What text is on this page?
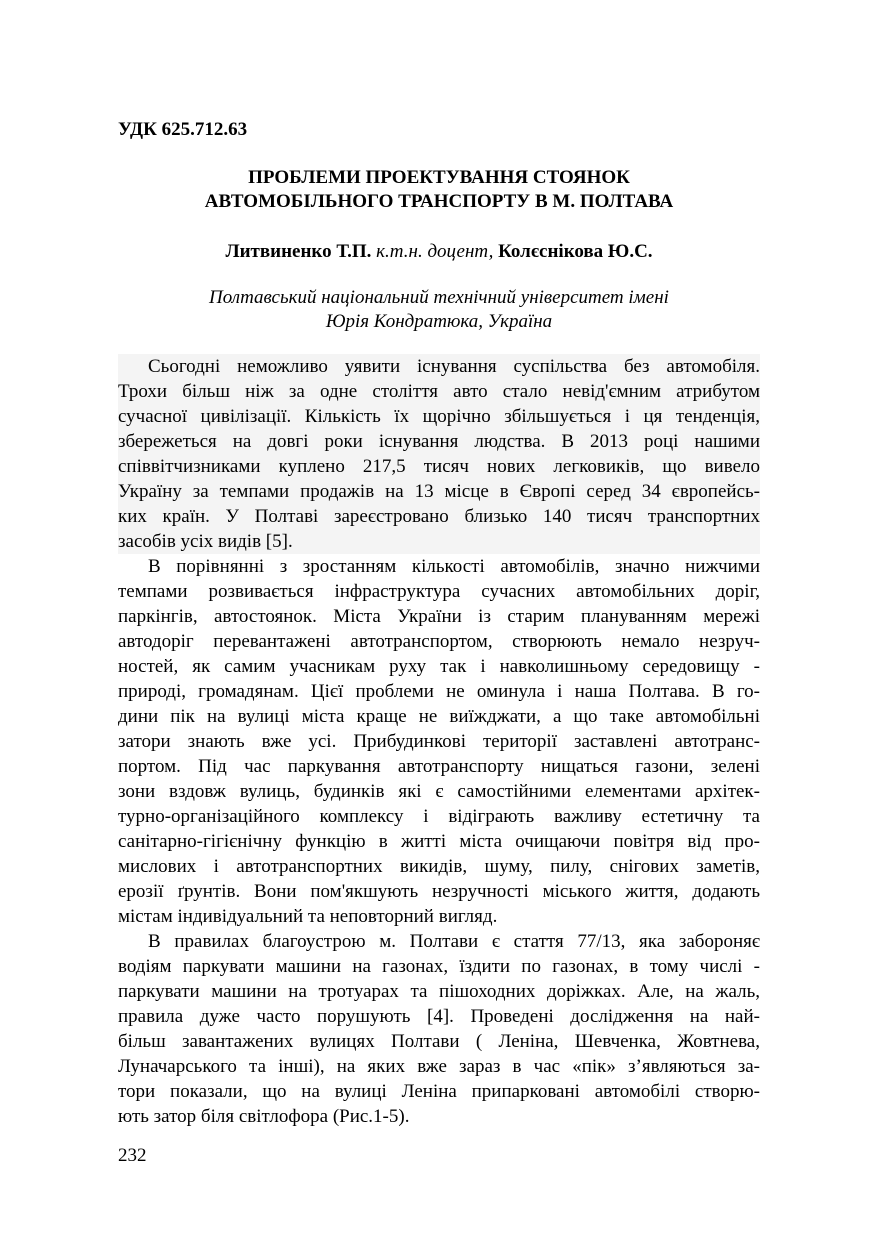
УДК 625.712.63
ПРОБЛЕМИ ПРОЕКТУВАННЯ СТОЯНОК
АВТОМОБІЛЬНОГО ТРАНСПОРТУ В М. ПОЛТАВА
Литвиненко Т.П. к.т.н. доцент, Колєснікова Ю.С.
Полтавський національний технічний університет імені
Юрія Кондратюка, Україна
Сьогодні неможливо уявити існування суспільства без автомобіля.
Трохи більш ніж за одне століття авто стало невід'ємним атрибутом
сучасної цивілізації. Кількість їх щорічно збільшується і ця тенденція,
збережеться на довгі роки існування людства. В 2013 році нашими
співвітчизниками куплено 217,5 тисяч нових легковиків, що вивело
Україну за темпами продажів на 13 місце в Європі серед 34 європейсь-
ких країн. У Полтаві зареєстровано близько 140 тисяч транспортних
засобів усіх видів [5].
В порівнянні з зростанням кількості автомобілів, значно нижчими
темпами розвивається інфраструктура сучасних автомобільних доріг,
паркінгів, автостоянок. Міста України із старим плануванням мережі
автодоріг перевантажені автотранспортом, створюють немало незруч-
ностей, як самим учасникам руху так і навколишньому середовищу -
природі, громадянам. Цієї проблеми не оминула і наша Полтава. В го-
дини пік на вулиці міста краще не виїжджати, а що таке автомобільні
затори знають вже усі. Прибудинкові території заставлені автотранс-
портом. Під час паркування автотранспорту нищаться газони, зелені
зони вздовж вулиць, будинків які є самостійними елементами архітек-
турно-організаційного комплексу і відіграють важливу естетичну та
санітарно-гігієнічну функцію в житті міста очищаючи повітря від про-
мислових і автотранспортних викидів, шуму, пилу, снігових заметів,
ерозії ґрунтів. Вони пом'якшують незручності міського життя, додають
містам індивідуальний та неповторний вигляд.
В правилах благоустрою м. Полтави є стаття 77/13, яка забороняє
водіям паркувати машини на газонах, їздити по газонах, в тому числі -
паркувати машини на тротуарах та пішоходних доріжках. Але, на жаль,
правила дуже часто порушують [4]. Проведені дослідження на най-
більш завантажених вулицях Полтави ( Леніна, Шевченка, Жовтнева,
Луначарського та інші), на яких вже зараз в час «пік» з’являються за-
тори показали, що на вулиці Леніна припарковані автомобілі створю-
ють затор біля світлофора (Рис.1-5).
232
